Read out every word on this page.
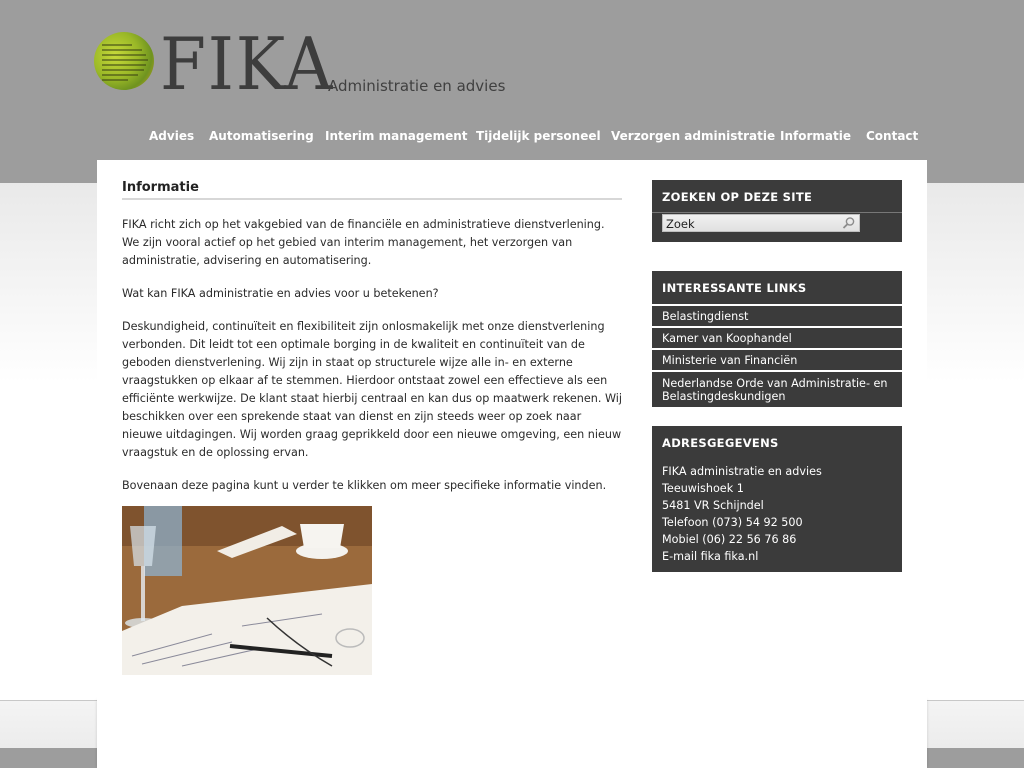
FIKA
Administratie en advies
Advies Automatisering Interim management Tijdelijk personeel Verzorgen administratie Informatie Contact
Informatie

FIKA richt zich op het vakgebied van de financiële en administratieve dienstverlening. We zijn vooral actief op het gebied van interim management, het verzorgen van administratie, advisering en automatisering.

Wat kan FIKA administratie en advies voor u betekenen?

Deskundigheid, continuïteit en flexibiliteit zijn onlosmakelijk met onze dienstverlening verbonden. Dit leidt tot een optimale borging in de kwaliteit en continuïteit van de geboden dienstverlening. Wij zijn in staat op structurele wijze alle in- en externe vraagstukken op elkaar af te stemmen. Hierdoor ontstaat zowel een effectieve als een efficiënte werkwijze. De klant staat hierbij centraal en kan dus op maatwerk rekenen. Wij beschikken over een sprekende staat van dienst en zijn steeds weer op zoek naar nieuwe uitdagingen. Wij worden graag geprikkeld door een nieuwe omgeving, een nieuw vraagstuk en de oplossing ervan.

Bovenaan deze pagina kunt u verder te klikken om meer specifieke informatie vinden.

ZOEKEN OP DEZE SITE
Zoek
INTERESSANTE LINKS
Belastingdienst
Kamer van Koophandel
Ministerie van Financiën
Nederlandse Orde van Administratie- en Belastingdeskundigen
ADRESGEGEVENS
FIKA administratie en advies
Teeuwishoek 1
5481 VR Schijndel
Telefoon (073) 54 92 500
Mobiel (06) 22 56 76 86
E-mail fika fika.nl
